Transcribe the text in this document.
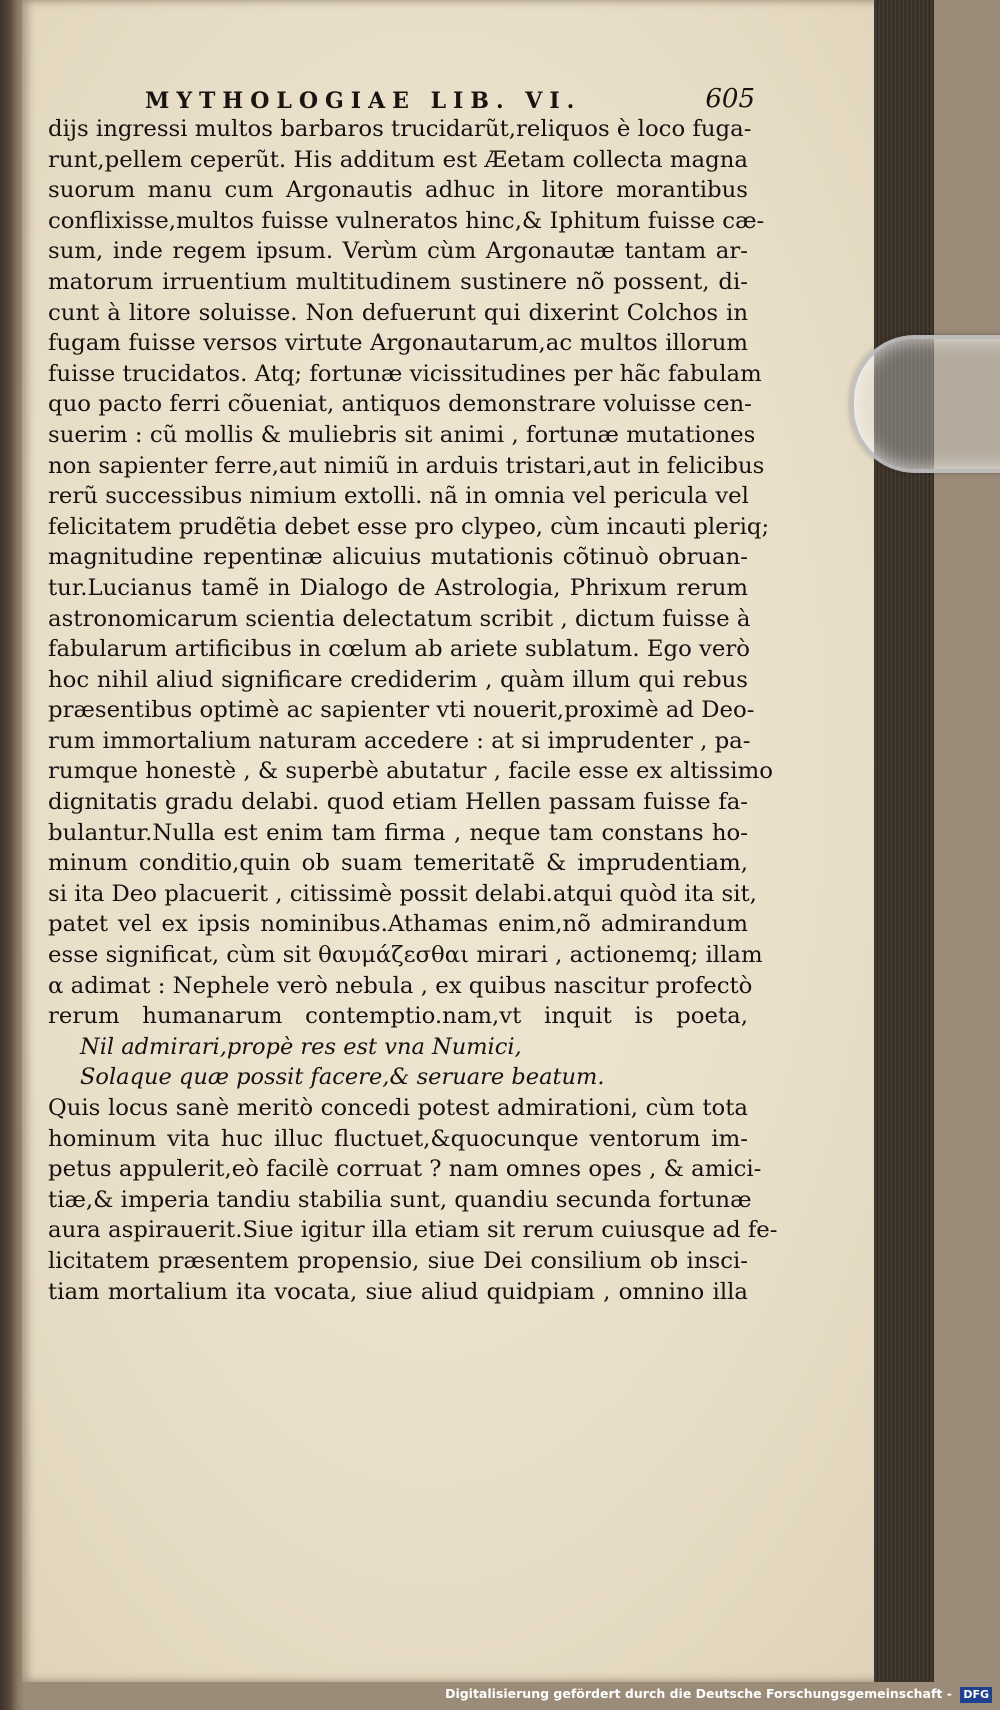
MYTHOLOGIAE LIB. VI.	605
dijs ingressi multos barbaros trucidarũt,reliquos è loco fuga-
runt,pellem ceperũt. His additum est Æetam collecta magna
suorum manu cum Argonautis adhuc in litore morantibus
conflixisse,multos fuisse vulneratos hinc,& Iphitum fuisse cæ-
sum, inde regem ipsum. Verùm cùm Argonautæ tantam ar-
matorum irruentium multitudinem sustinere nõ possent, di-
cunt à litore soluisse. Non defuerunt qui dixerint Colchos in
fugam fuisse versos virtute Argonautarum,ac multos illorum
fuisse trucidatos. Atq; fortunæ vicissitudines per hãc fabulam
quo pacto ferri cõueniat, antiquos demonstrare voluisse cen-
suerim : cũ mollis & muliebris sit animi , fortunæ mutationes
non sapienter ferre,aut nimiũ in arduis tristari,aut in felicibus
rerũ successibus nimium extolli. nã in omnia vel pericula vel
felicitatem prudẽtia debet esse pro clypeo, cùm incauti pleriq;
magnitudine repentinæ alicuius mutationis cõtinuò obruan-
tur.Lucianus tamẽ in Dialogo de Astrologia, Phrixum rerum
astronomicarum scientia delectatum scribit , dictum fuisse à
fabularum artificibus in cœlum ab ariete sublatum. Ego verò
hoc nihil aliud significare crediderim , quàm illum qui rebus
præsentibus optimè ac sapienter vti nouerit,proximè ad Deo-
rum immortalium naturam accedere : at si imprudenter , pa-
rumque honestè , & superbè abutatur , facile esse ex altissimo
dignitatis gradu delabi. quod etiam Hellen passam fuisse fa-
bulantur.Nulla est enim tam firma , neque tam constans ho-
minum conditio,quin ob suam temeritatẽ & imprudentiam,
si ita Deo placuerit , citissimè possit delabi.atqui quòd ita sit,
patet vel ex ipsis nominibus.Athamas enim,nõ admirandum
esse significat, cùm sit θαυμάζεσθαι mirari , actionemq; illam
α adimat : Nephele verò nebula , ex quibus nascitur profectò
rerum humanarum contemptio.nam,vt inquit is poeta,
Nil admirari,propè res est vna Numici,
Solaque quæ possit facere,& seruare beatum.
Quis locus sanè meritò concedi potest admirationi, cùm tota
hominum vita huc illuc fluctuet,&quocunque ventorum im-
petus appulerit,eò facilè corruat ? nam omnes opes , & amici-
tiæ,& imperia tandiu stabilia sunt, quandiu secunda fortunæ
aura aspirauerit.Siue igitur illa etiam sit rerum cuiusque ad fe-
licitatem præsentem propensio, siue Dei consilium ob insci-
tiam mortalium ita vocata, siue aliud quidpiam , omnino illa
Digitalisierung gefördert durch die Deutsche Forschungsgemeinschaft - DFG
